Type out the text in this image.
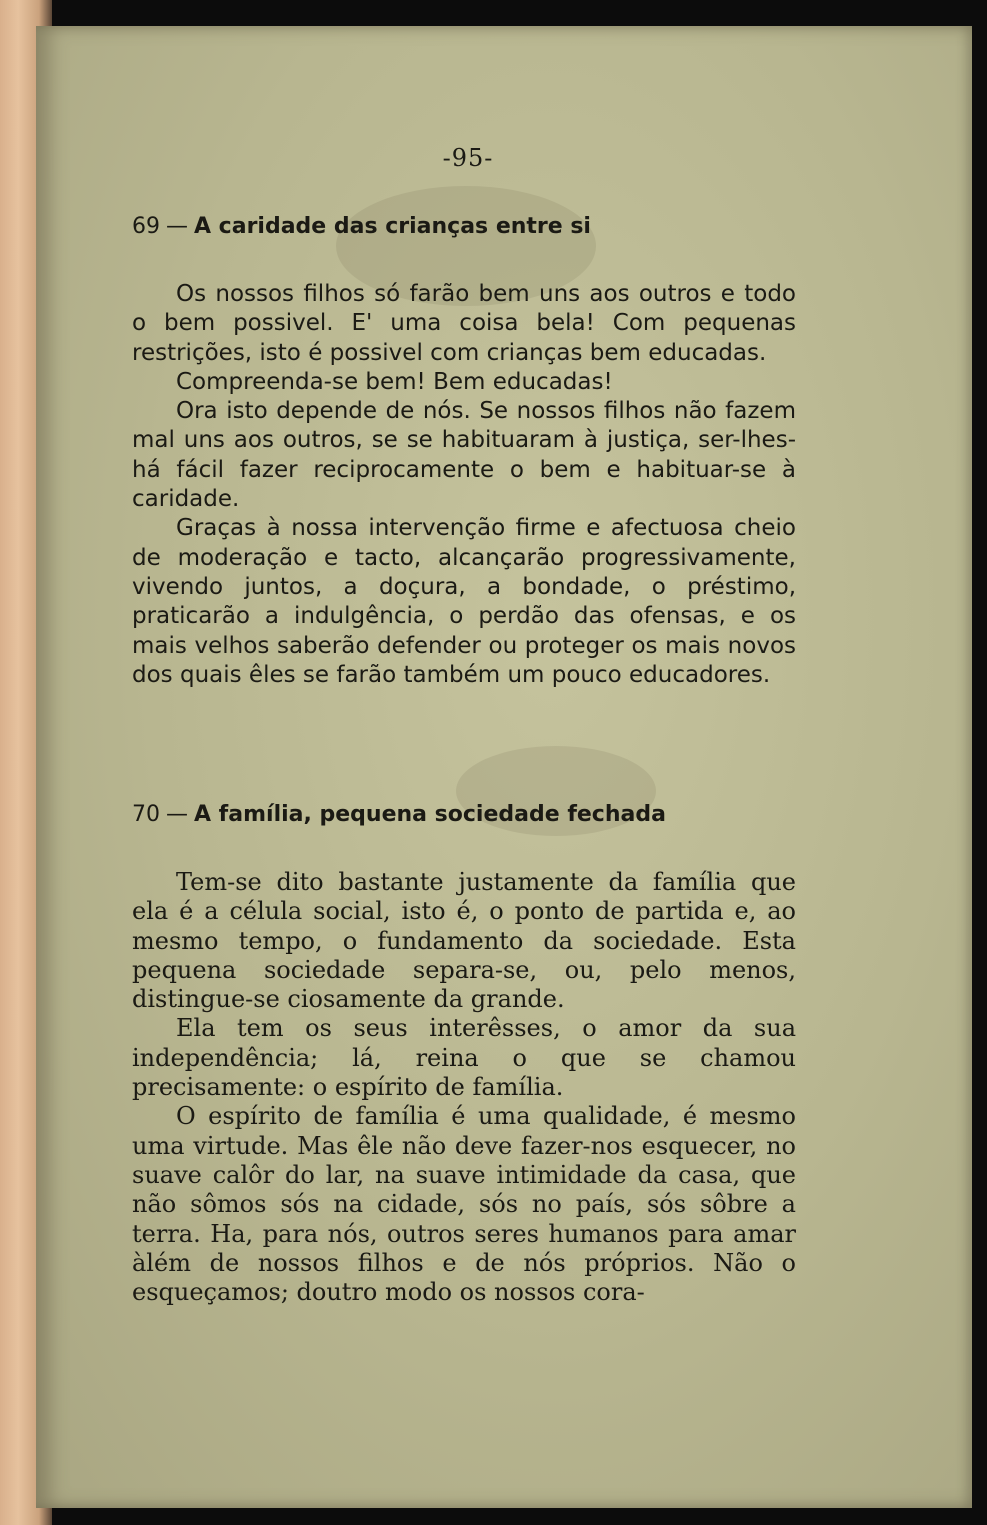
-95-
69 — A caridade das crianças entre si

Os nossos filhos só farão bem uns aos outros e todo o bem possivel. E' uma coisa bela! Com pequenas restrições, isto é possivel com crianças bem educadas.

Compreenda-se bem! Bem educadas!

Ora isto depende de nós. Se nossos filhos não fazem mal uns aos outros, se se habituaram à justiça, ser-lhes-há fácil fazer reciprocamente o bem e habituar-se à caridade.

Graças à nossa intervenção firme e afectuosa cheio de moderação e tacto, alcançarão progressivamente, vivendo juntos, a doçura, a bondade, o préstimo, praticarão a indulgência, o perdão das ofensas, e os mais velhos saberão defender ou proteger os mais novos dos quais êles se farão também um pouco educadores.

70 — A família, pequena sociedade fechada

Tem-se dito bastante justamente da família que ela é a célula social, isto é, o ponto de partida e, ao mesmo tempo, o fundamento da sociedade. Esta pequena sociedade separa-se, ou, pelo menos, distingue-se ciosamente da grande.

Ela tem os seus interêsses, o amor da sua independência; lá, reina o que se chamou precisamente: o espírito de família.

O espírito de família é uma qualidade, é mesmo uma virtude. Mas êle não deve fazer-nos esquecer, no suave calôr do lar, na suave intimidade da casa, que não sômos sós na cidade, sós no país, sós sôbre a terra. Ha, para nós, outros seres humanos para amar àlém de nossos filhos e de nós próprios. Não o esqueçamos; doutro modo os nossos cora-
